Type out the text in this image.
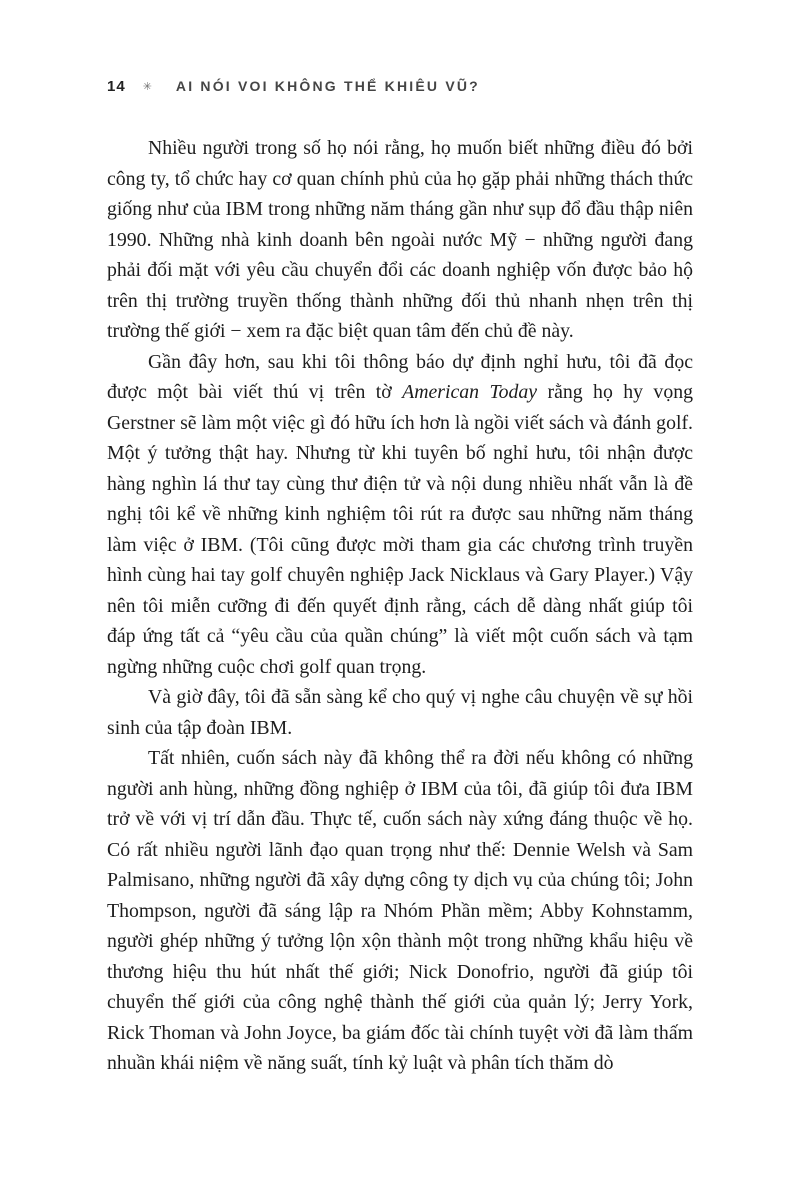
14 ✳ AI NÓI VOI KHÔNG THỂ KHIÊU VŨ?

Nhiều người trong số họ nói rằng, họ muốn biết những điều đó bởi công ty, tổ chức hay cơ quan chính phủ của họ gặp phải những thách thức giống như của IBM trong những năm tháng gần như sụp đổ đầu thập niên 1990. Những nhà kinh doanh bên ngoài nước Mỹ − những người đang phải đối mặt với yêu cầu chuyển đổi các doanh nghiệp vốn được bảo hộ trên thị trường truyền thống thành những đối thủ nhanh nhẹn trên thị trường thế giới − xem ra đặc biệt quan tâm đến chủ đề này.

Gần đây hơn, sau khi tôi thông báo dự định nghỉ hưu, tôi đã đọc được một bài viết thú vị trên tờ American Today rằng họ hy vọng Gerstner sẽ làm một việc gì đó hữu ích hơn là ngồi viết sách và đánh golf. Một ý tưởng thật hay. Nhưng từ khi tuyên bố nghỉ hưu, tôi nhận được hàng nghìn lá thư tay cùng thư điện tử và nội dung nhiều nhất vẫn là đề nghị tôi kể về những kinh nghiệm tôi rút ra được sau những năm tháng làm việc ở IBM. (Tôi cũng được mời tham gia các chương trình truyền hình cùng hai tay golf chuyên nghiệp Jack Nicklaus và Gary Player.) Vậy nên tôi miễn cưỡng đi đến quyết định rằng, cách dễ dàng nhất giúp tôi đáp ứng tất cả “yêu cầu của quần chúng” là viết một cuốn sách và tạm ngừng những cuộc chơi golf quan trọng.

Và giờ đây, tôi đã sẵn sàng kể cho quý vị nghe câu chuyện về sự hồi sinh của tập đoàn IBM.

Tất nhiên, cuốn sách này đã không thể ra đời nếu không có những người anh hùng, những đồng nghiệp ở IBM của tôi, đã giúp tôi đưa IBM trở về với vị trí dẫn đầu. Thực tế, cuốn sách này xứng đáng thuộc về họ. Có rất nhiều người lãnh đạo quan trọng như thế: Dennie Welsh và Sam Palmisano, những người đã xây dựng công ty dịch vụ của chúng tôi; John Thompson, người đã sáng lập ra Nhóm Phần mềm; Abby Kohnstamm, người ghép những ý tưởng lộn xộn thành một trong những khẩu hiệu về thương hiệu thu hút nhất thế giới; Nick Donofrio, người đã giúp tôi chuyển thế giới của công nghệ thành thế giới của quản lý; Jerry York, Rick Thoman và John Joyce, ba giám đốc tài chính tuyệt vời đã làm thấm nhuần khái niệm về năng suất, tính kỷ luật và phân tích thăm dò
